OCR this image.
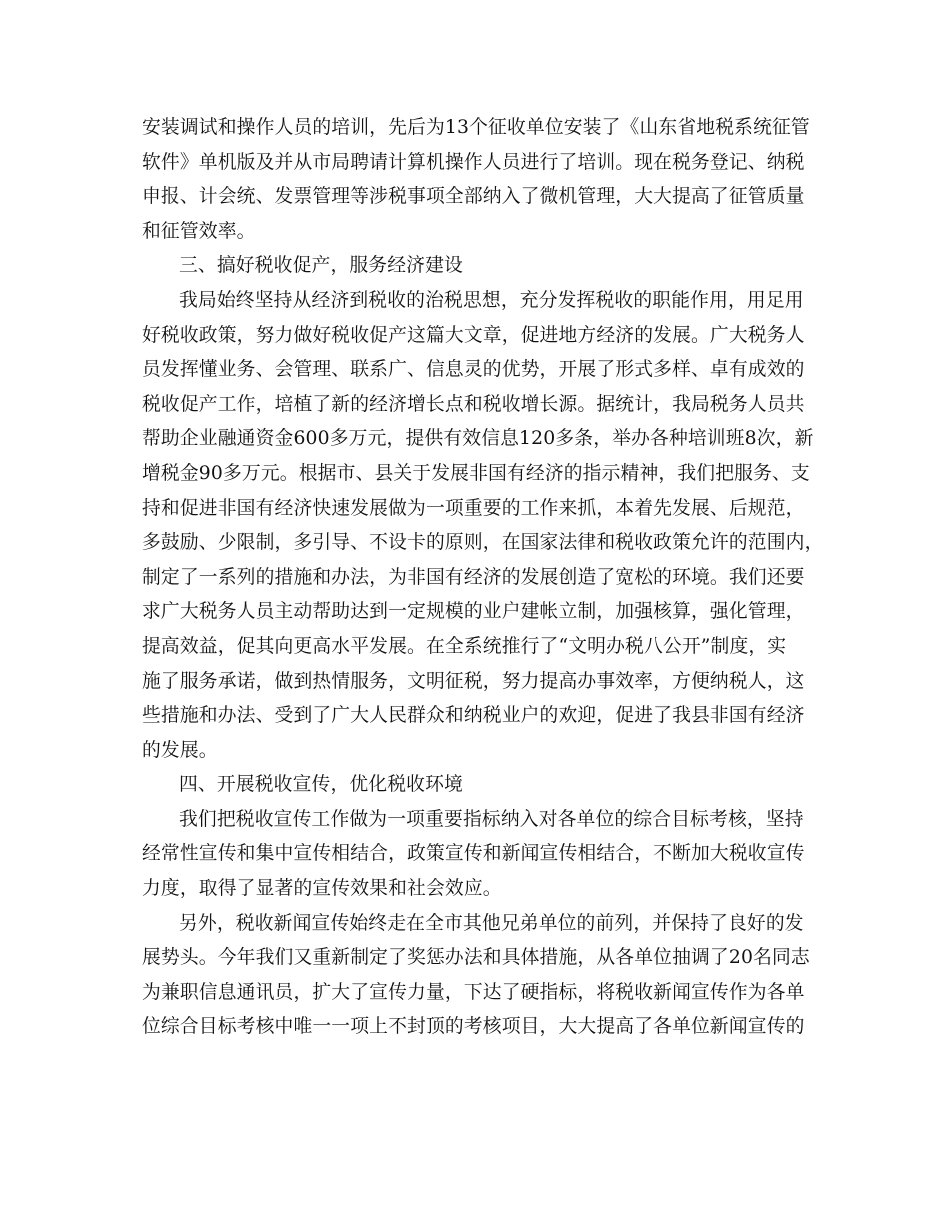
安装调试和操作人员的培训，先后为13个征收单位安装了《山东省地税系统征管
软件》单机版及并从市局聘请计算机操作人员进行了培训。现在税务登记、纳税
申报、计会统、发票管理等涉税事项全部纳入了微机管理，大大提高了征管质量
和征管效率。
三、搞好税收促产，服务经济建设
我局始终坚持从经济到税收的治税思想，充分发挥税收的职能作用，用足用
好税收政策，努力做好税收促产这篇大文章，促进地方经济的发展。广大税务人
员发挥懂业务、会管理、联系广、信息灵的优势，开展了形式多样、卓有成效的
税收促产工作，培植了新的经济增长点和税收增长源。据统计，我局税务人员共
帮助企业融通资金600多万元，提供有效信息120多条，举办各种培训班8次，新
增税金90多万元。根据市、县关于发展非国有经济的指示精神，我们把服务、支
持和促进非国有经济快速发展做为一项重要的工作来抓，本着先发展、后规范，
多鼓励、少限制，多引导、不设卡的原则，在国家法律和税收政策允许的范围内，
制定了一系列的措施和办法，为非国有经济的发展创造了宽松的环境。我们还要
求广大税务人员主动帮助达到一定规模的业户建帐立制，加强核算，强化管理，
提高效益，促其向更高水平发展。在全系统推行了“文明办税八公开”制度，实
施了服务承诺，做到热情服务，文明征税，努力提高办事效率，方便纳税人，这
些措施和办法、受到了广大人民群众和纳税业户的欢迎，促进了我县非国有经济
的发展。
四、开展税收宣传，优化税收环境
我们把税收宣传工作做为一项重要指标纳入对各单位的综合目标考核，坚持
经常性宣传和集中宣传相结合，政策宣传和新闻宣传相结合，不断加大税收宣传
力度，取得了显著的宣传效果和社会效应。
另外，税收新闻宣传始终走在全市其他兄弟单位的前列，并保持了良好的发
展势头。今年我们又重新制定了奖惩办法和具体措施，从各单位抽调了20名同志
为兼职信息通讯员，扩大了宣传力量，下达了硬指标，将税收新闻宣传作为各单
位综合目标考核中唯一一项上不封顶的考核项目，大大提高了各单位新闻宣传的
